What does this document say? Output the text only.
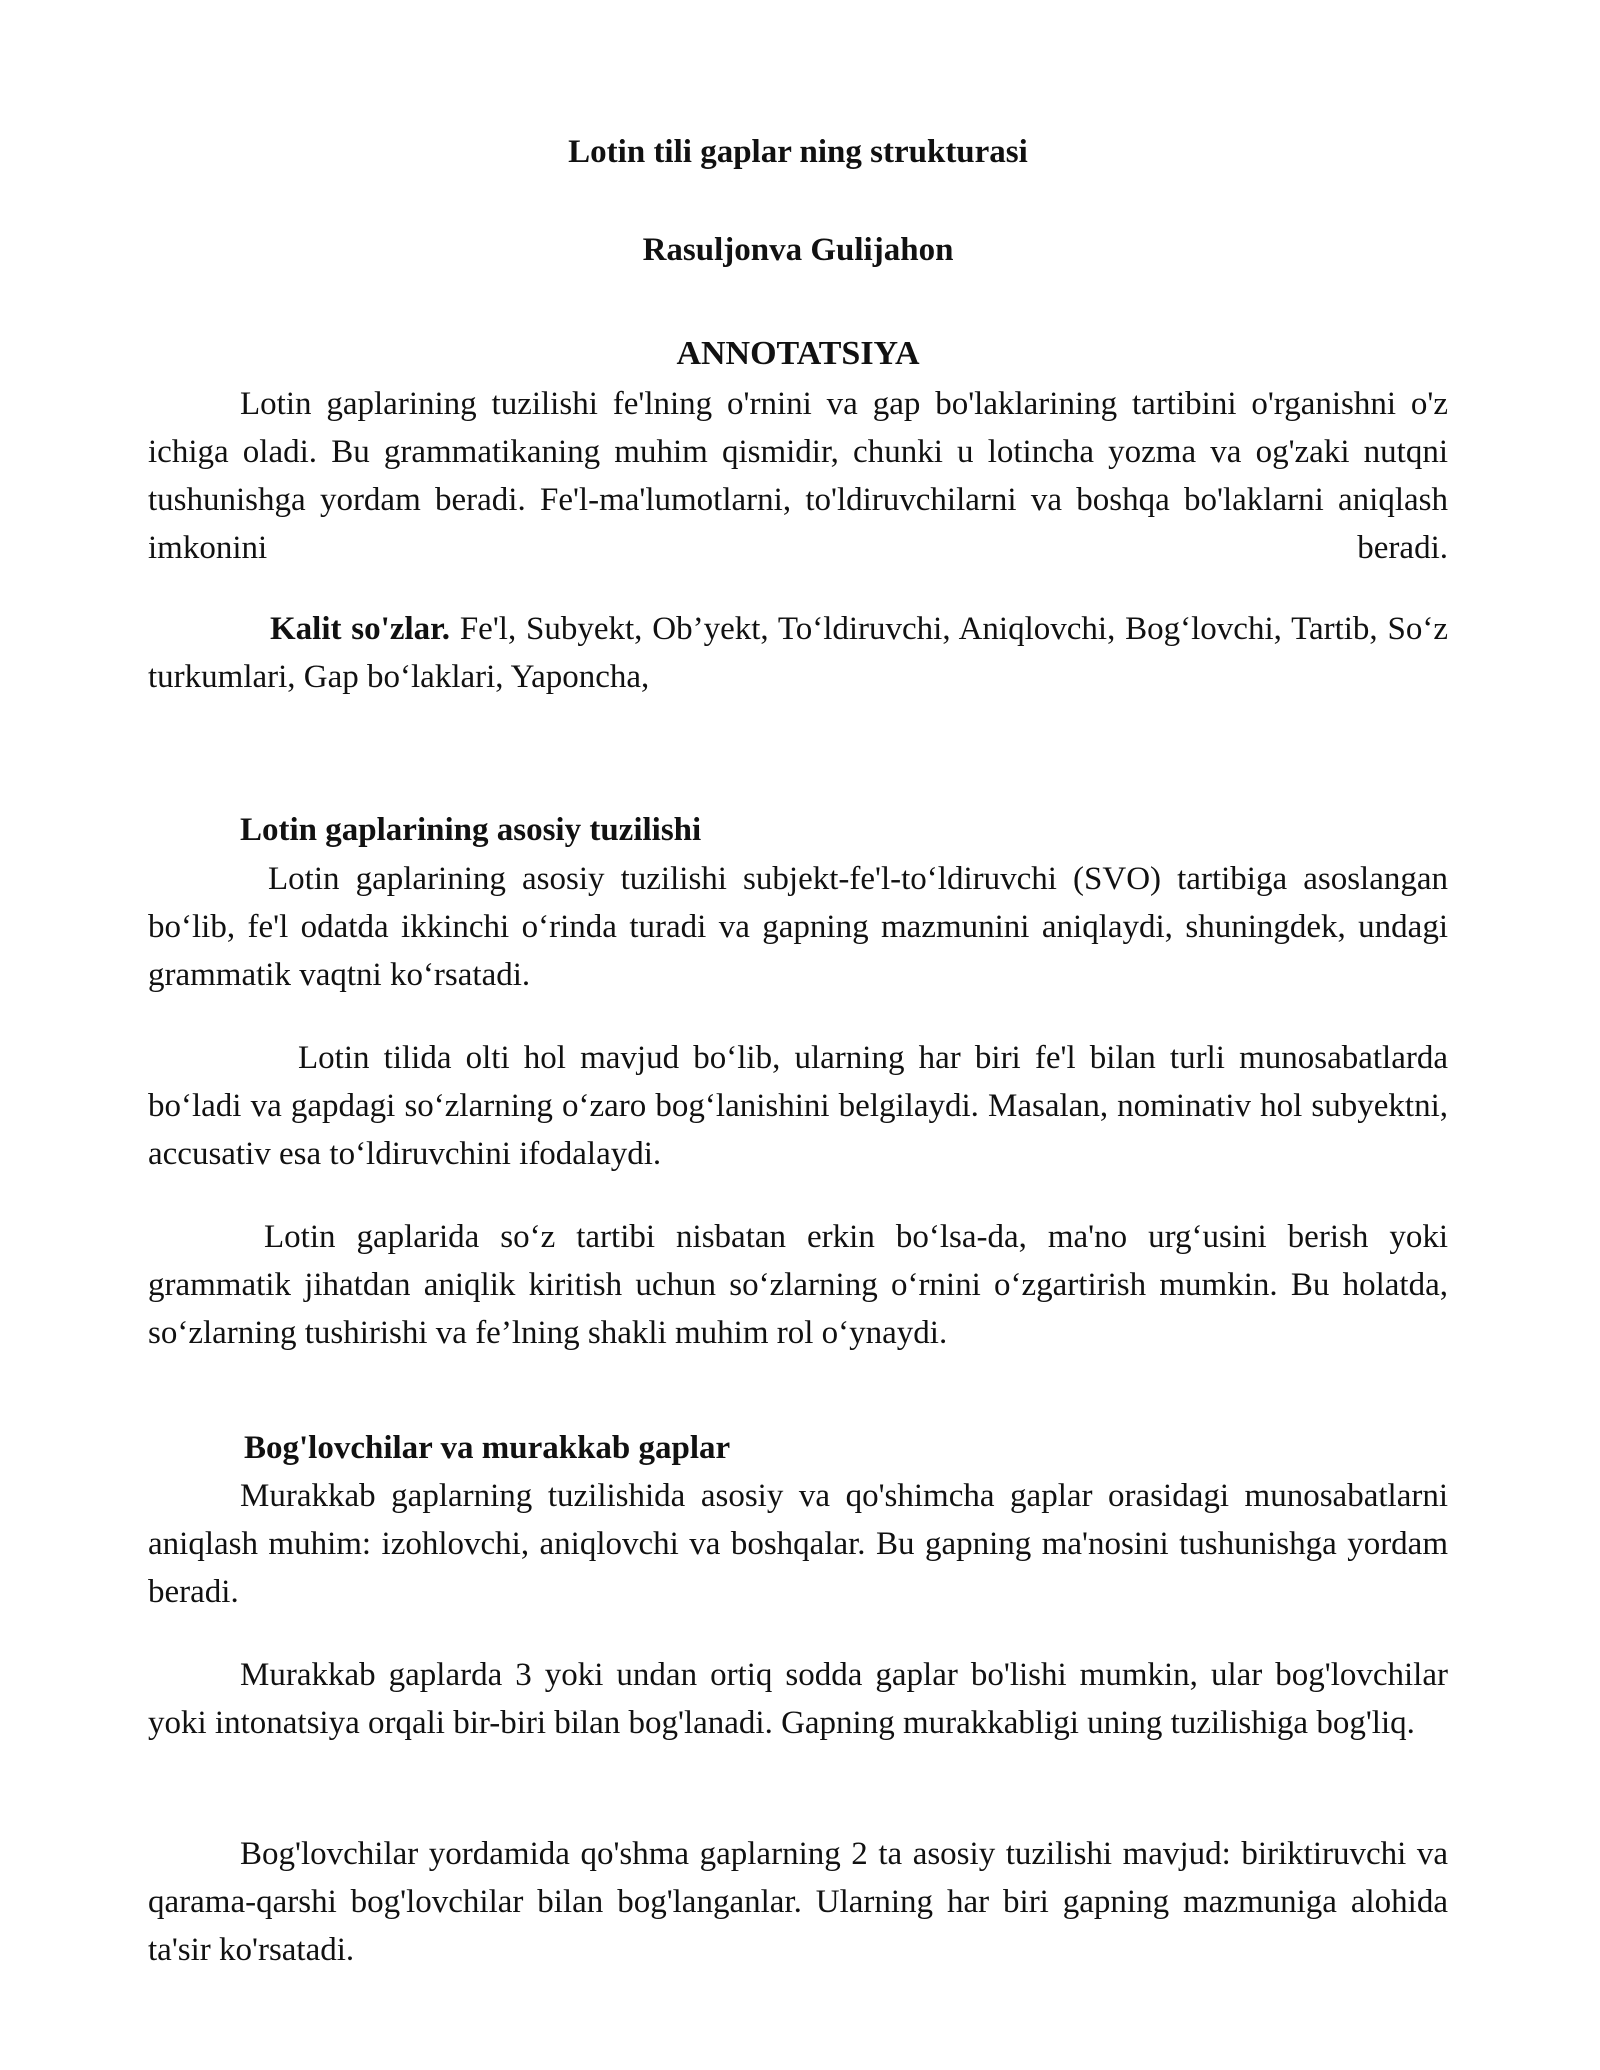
Lotin tili gaplar ning strukturasi
Rasuljonva Gulijahon
ANNOTATSIYA

Lotin gaplarining tuzilishi fe'lning o'rnini va gap bo'laklarining tartibini o'rganishni o'z ichiga oladi. Bu grammatikaning muhim qismidir, chunki u lotincha yozma va og'zaki nutqni tushunishga yordam beradi. Fe'l-ma'lumotlarni, to'ldiruvchilarni va boshqa bo'laklarni aniqlash imkonini beradi.

Kalit so'zlar. Fe'l, Subyekt, Ob’yekt, To‘ldiruvchi, Aniqlovchi, Bog‘lovchi, Tartib, So‘z turkumlari, Gap bo‘laklari, Yaponcha,

Lotin gaplarining asosiy tuzilishi

Lotin gaplarining asosiy tuzilishi subjekt-fe'l-to‘ldiruvchi (SVO) tartibiga asoslangan bo‘lib, fe'l odatda ikkinchi o‘rinda turadi va gapning mazmunini aniqlaydi, shuningdek, undagi grammatik vaqtni ko‘rsatadi.

Lotin tilida olti hol mavjud bo‘lib, ularning har biri fe'l bilan turli munosabatlarda bo‘ladi va gapdagi so‘zlarning o‘zaro bog‘lanishini belgilaydi. Masalan, nominativ hol subyektni, accusativ esa to‘ldiruvchini ifodalaydi.

Lotin gaplarida so‘z tartibi nisbatan erkin bo‘lsa-da, ma'no urg‘usini berish yoki grammatik jihatdan aniqlik kiritish uchun so‘zlarning o‘rnini o‘zgartirish mumkin. Bu holatda, so‘zlarning tushirishi va fe’lning shakli muhim rol o‘ynaydi.

Bog'lovchilar va murakkab gaplar

Murakkab gaplarning tuzilishida asosiy va qo'shimcha gaplar orasidagi munosabatlarni aniqlash muhim: izohlovchi, aniqlovchi va boshqalar. Bu gapning ma'nosini tushunishga yordam beradi.

Murakkab gaplarda 3 yoki undan ortiq sodda gaplar bo'lishi mumkin, ular bog'lovchilar yoki intonatsiya orqali bir-biri bilan bog'lanadi. Gapning murakkabligi uning tuzilishiga bog'liq.

Bog'lovchilar yordamida qo'shma gaplarning 2 ta asosiy tuzilishi mavjud: biriktiruvchi va qarama-qarshi bog'lovchilar bilan bog'langanlar. Ularning har biri gapning mazmuniga alohida ta'sir ko'rsatadi.
